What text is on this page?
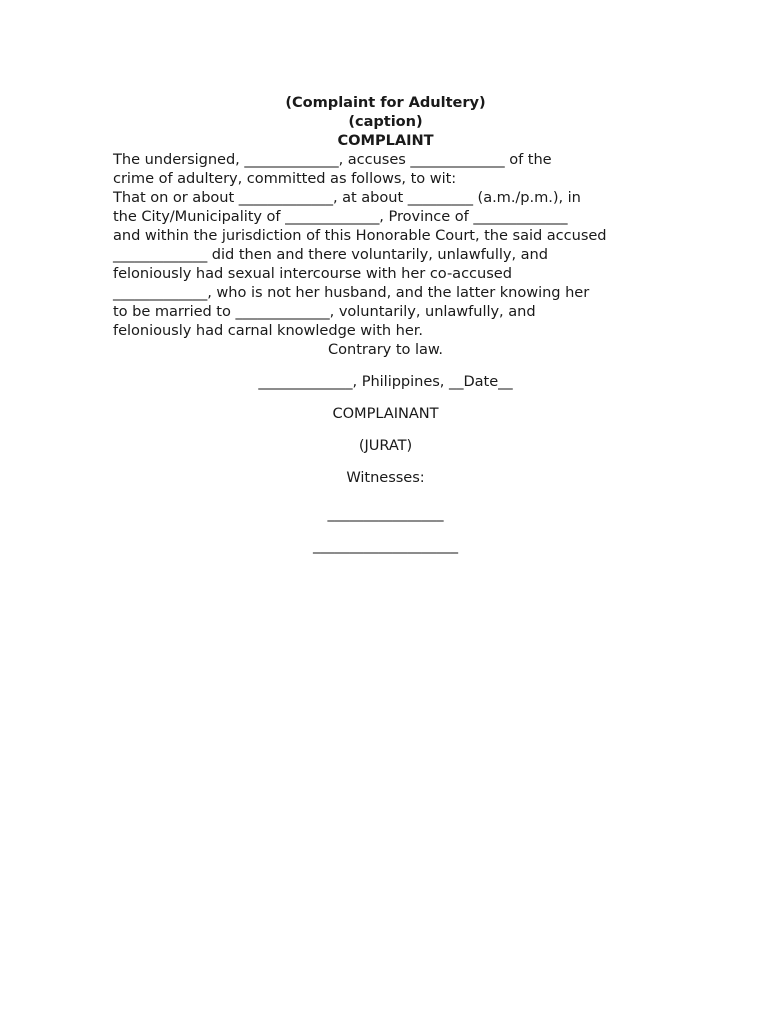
(Complaint for Adultery)
(caption)
COMPLAINT
The undersigned, _____________, accuses _____________ of the
crime of adultery, committed as follows, to wit:
That on or about _____________, at about _________ (a.m./p.m.), in
the City/Municipality of _____________, Province of _____________
and within the jurisdiction of this Honorable Court, the said accused
_____________ did then and there voluntarily, unlawfully, and
feloniously had sexual intercourse with her co-accused
_____________, who is not her husband, and the latter knowing her
to be married to _____________, voluntarily, unlawfully, and
feloniously had carnal knowledge with her.
Contrary to law.
_____________, Philippines, __Date__
COMPLAINANT
(JURAT)
Witnesses:
________________
____________________
